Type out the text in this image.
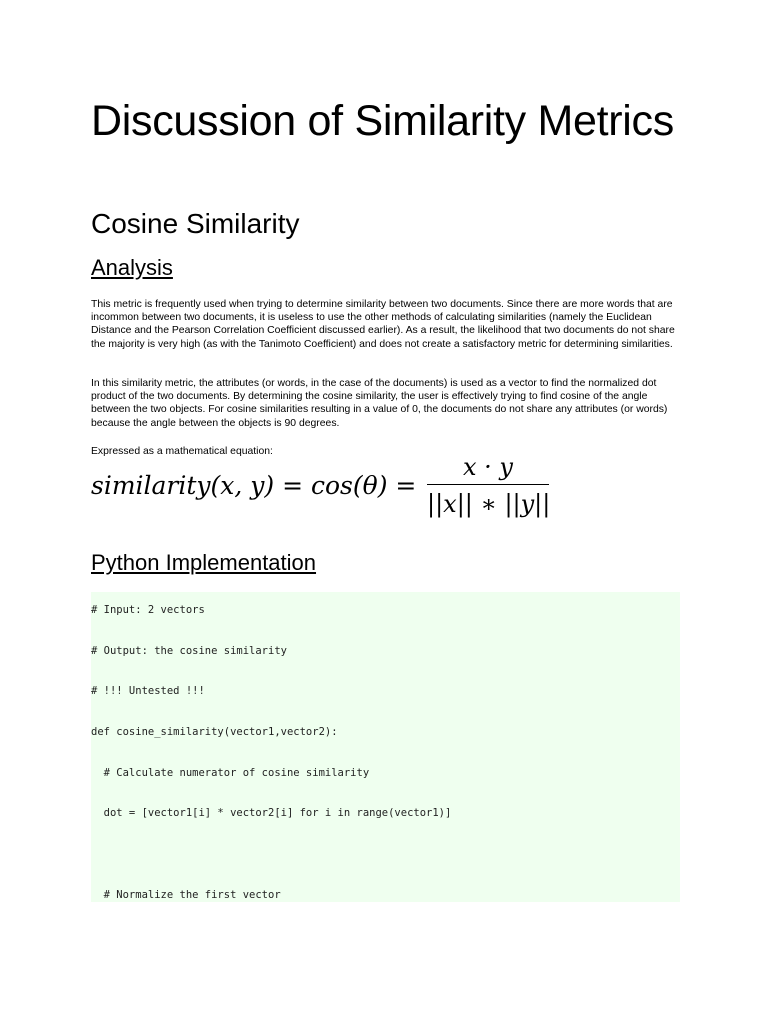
Discussion of Similarity Metrics
Cosine Similarity
Analysis

This metric is frequently used when trying to determine similarity between two documents. Since there are more words that are incommon between two documents, it is useless to use the other methods of calculating similarities (namely the Euclidean Distance and the Pearson Correlation Coefficient discussed earlier). As a result, the likelihood that two documents do not share the majority is very high (as with the Tanimoto Coefficient) and does not create a satisfactory metric for determining similarities.

In this similarity metric, the attributes (or words, in the case of the documents) is used as a vector to find the normalized dot product of the two documents. By determining the cosine similarity, the user is effectively trying to find cosine of the angle between the two objects. For cosine similarities resulting in a value of 0, the documents do not share any attributes (or words) because the angle between the objects is 90 degrees.

Expressed as a mathematical equation:

similarity(x, y) = cos(θ) =
x · y
||x|| ∗ ||y||
Python Implementation
# Input: 2 vectors
# Output: the cosine similarity
# !!! Untested !!!
def cosine_similarity(vector1,vector2):
# Calculate numerator of cosine similarity
dot = [vector1[i] * vector2[i] for i in range(vector1)]
# Normalize the first vector
